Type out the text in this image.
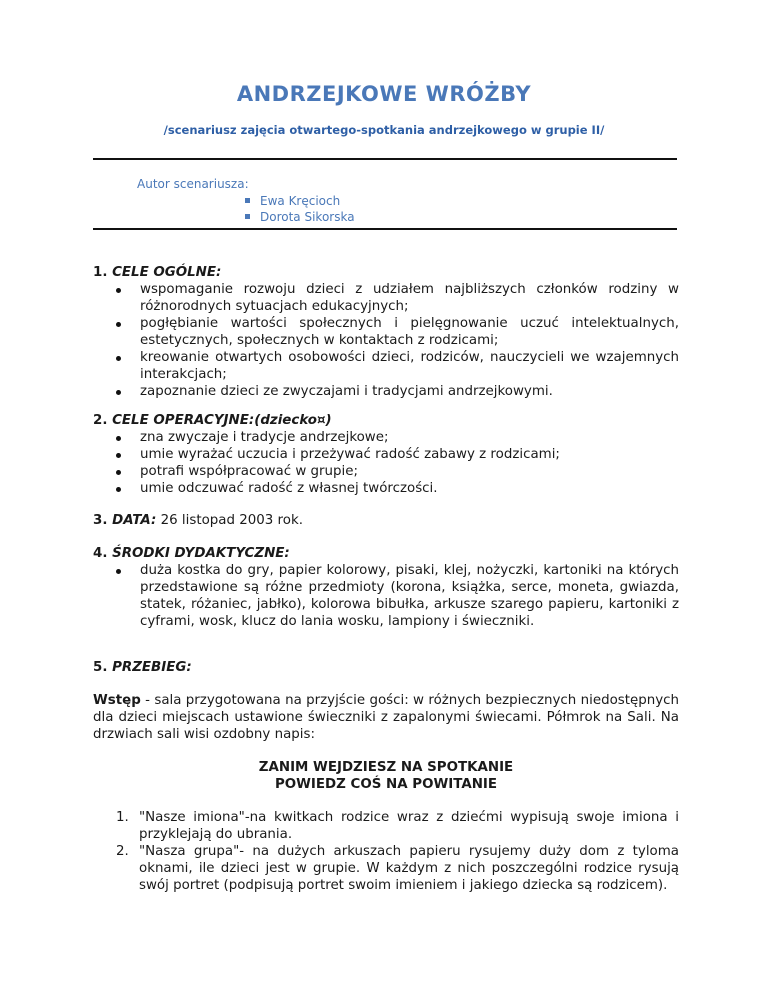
ANDRZEJKOWE WRÓŻBY
/scenariusz zajęcia otwartego-spotkania andrzejkowego w grupie II/
Autor scenariusza:
Ewa Kręcioch
Dorota Sikorska
1. CELE OGÓLNE:
wspomaganie rozwoju dzieci z udziałem najbliższych członków rodziny w różnorodnych sytuacjach edukacyjnych;
pogłębianie wartości społecznych i pielęgnowanie uczuć intelektualnych, estetycznych, społecznych w kontaktach z rodzicami;
kreowanie otwartych osobowości dzieci, rodziców, nauczycieli we wzajemnych interakcjach;
zapoznanie dzieci ze zwyczajami i tradycjami andrzejkowymi.
2. CELE OPERACYJNE:(dziecko¤)
zna zwyczaje i tradycje andrzejkowe;
umie wyrażać uczucia i przeżywać radość zabawy z rodzicami;
potrafi współpracować w grupie;
umie odczuwać radość z własnej twórczości.
3. DATA: 26 listopad 2003 rok.
4. ŚRODKI DYDAKTYCZNE:
duża kostka do gry, papier kolorowy, pisaki, klej, nożyczki, kartoniki na których przedstawione są różne przedmioty (korona, książka, serce, moneta, gwiazda, statek, różaniec, jabłko), kolorowa bibułka, arkusze szarego papieru, kartoniki z cyframi, wosk, klucz do lania wosku, lampiony i świeczniki.
5. PRZEBIEG:
Wstęp - sala przygotowana na przyjście gości: w różnych bezpiecznych niedostępnych dla dzieci miejscach ustawione świeczniki z zapalonymi świecami. Półmrok na Sali. Na drzwiach sali wisi ozdobny napis:
ZANIM WEJDZIESZ NA SPOTKANIE
POWIEDZ COŚ NA POWITANIE
1. "Nasze imiona"-na kwitkach rodzice wraz z dziećmi wypisują swoje imiona i przyklejają do ubrania.
2. "Nasza grupa"- na dużych arkuszach papieru rysujemy duży dom z tyloma oknami, ile dzieci jest w grupie. W każdym z nich poszczególni rodzice rysują swój portret (podpisują portret swoim imieniem i jakiego dziecka są rodzicem).
